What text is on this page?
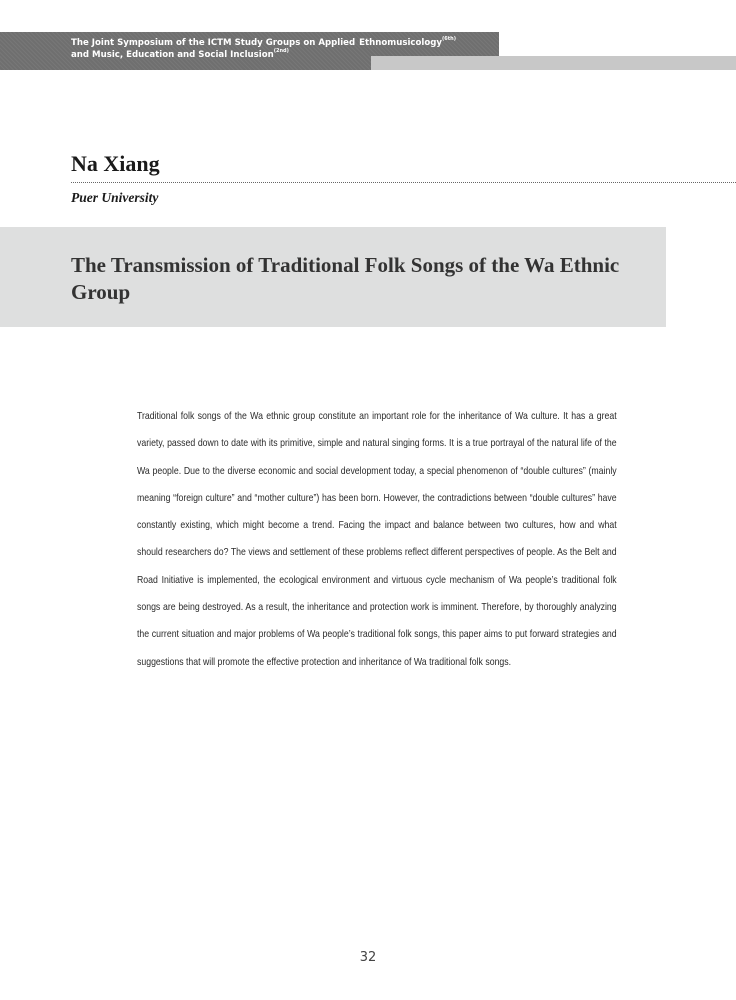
The Joint Symposium of the ICTM Study Groups on Applied Ethnomusicology$^{(6th)}$
and Music, Education and Social Inclusion$^{(2nd)}$
Na Xiang
Puer University
The Transmission of Traditional Folk Songs of the Wa Ethnic Group

Traditional folk songs of the Wa ethnic group constitute an important role for the inheritance of Wa culture. It has a great variety, passed down to date with its primitive, simple and natural singing forms. It is a true portrayal of the natural life of the Wa people. Due to the diverse economic and social development today, a special phenomenon of “double cultures” (mainly meaning “foreign culture” and “mother culture”) has been born. However, the contradictions between “double cultures” have constantly existing, which might become a trend. Facing the impact and balance between two cultures, how and what should researchers do? The views and settlement of these problems reflect different perspectives of people. As the Belt and Road Initiative is implemented, the ecological environment and virtuous cycle mechanism of Wa people’s traditional folk songs are being destroyed. As a result, the inheritance and protection work is imminent. Therefore, by thoroughly analyzing the current situation and major problems of Wa people’s traditional folk songs, this paper aims to put forward strategies and suggestions that will promote the effective protection and inheritance of Wa traditional folk songs.

32
